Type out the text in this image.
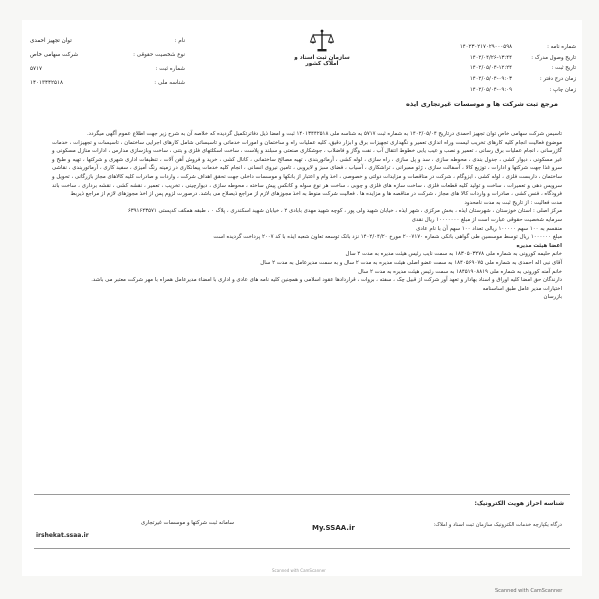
نام :
توان تجهیز احمدی
نوع شخصیت حقوقی :
شرکت سهامی خاص
شماره ثبت :
۵۷۱۷
شناسه ملی :
۱۴۰۱۳۴۴۲۵۱۸
سازمان ثبت اسناد و املاک کشور
شماره نامه :
۱۴۰۲۳۰۲۱۷۰۲۹۰۰۰۵۹۸
تاریخ وصول مدرک :
۱۴۰۲/۰۴/۲۶-۱۳:۴۴
تاریخ ثبت :
۱۴۰۲/۰۵/۰۴-۱۲:۲۴
زمان درج دفتر :
۱۴۰۲/۰۵/۰۴-۰۹:۰۳
زمان چاپ :
۱۴۰۲/۰۵/۰۴-۰۹:۰۹
مرجع ثبت شرکت ها و موسسات غیرتجاری ایذه

تاسیس شرکت سهامی خاص توان تجهیز احمدی درتاریخ ۱۴۰۲/۰۵/۰۴ به شماره ثبت ۵۷۱۷ به شناسه ملی ۱۴۰۱۳۴۴۲۵۱۸ ثبت و امضا ذیل دفاترتکمیل گردیده که خلاصه آن به شرح زیر جهت اطلاع عموم آگهی میگردد.

موضوع فعالیت انجام کلیه کارهای تخریب لیست وراه اندازی تعمیر و نگهداری تجهیزات برق و ابزار دقیق، کلیه عملیات راه و ساختمان و امورات خدماتی و تاسیساتی شامل کارهای اجرایی ساختمان ، تاسیسات و تجهیزات ، خدمات گازرسانی ، انجام عملیات برق رسانی ، تعمیر و نصب و عیب یابی خطوط انتقال آب ، نفت وگاز و فاضلاب ، جوشکاری صنعتی و سبلند و پلاست ، ساخت اسکلتهای فلزی و بتنی ، ساخت وبازسازی مدارس ، ادارات منازل مسکونی و غیر مسکونی ، دیوار کشی ، جدول بندی ، محوطه سازی ، سد و پل سازی ، راه سازی ، لوله کشی ، آرماتوربندی ، تهیه مصالح ساختمانی ، کانال کشی ، خرید و فروش آهن آلات ، تنظیفات اداری شهری و شرکتها ، تهیه و طبخ و سرو غذا جهت شرکتها و ادارات ، توزیع کالا ، آسفالت سازی ، ژئو ممبرانی ، تراشکاری ، آسیاب ، فضای سبز و لایروبی ، تامین نیروی انسانی ، انجام کلیه خدمات پیمانکاری در زمینه رنگ آمیزی ، سفید کاری ، آرماتوربندی ، نقاشی ساختمان ، داربست فلزی ، لوله کشی ، ایزوگام ، شرکت در مناقصات و مزایدات دولتی و خصوصی ، اخذ وام و اعتبار از بانکها و موسسات داخلی جهت تحقق اهداف شرکت ، واردات و صادرات کلیه کالاهای مجاز بازرگانی ، تحویل و سرویس دهی و تعمیرات ، ساخت و تولید کلیه قطعات فلزی ، ساخت سازه های فلزی و چوبی ، ساخت هر نوع سوله و کانکس پیش ساخته ، محوطه سازی ، دیوارچینی ، تخریب ، تعمیر ، نقشه کشی ، نقشه برداری ، ساخت باند فرودگاه ، فنس کشی ، صادرات و واردات کالا های مجاز ، شرکت در مناقصه ها و مزایده ها . فعالیت شرکت منوط به اخذ مجوزهای لازم از مراجع ذیصلاح می باشد. درصورت لزوم پس از اخذ مجوزهای لازم از مراجع ذیربط

مدت فعالیت : از تاریخ ثبت به مدت نامحدود

مرکز اصلی : استان خوزستان ، شهرستان ایذه ، بخش مرکزی ، شهر ایذه ، خیابان شهید ولی پور ، کوچه شهید مهدی بابادی ۲ ، خیابان شهید اسکندری ، پلاک ۰ ، طبقه همکف کدپستی ۶۳۹۱۶۴۳۵۷۱

سرمایه شخصیت حقوقی عبارت است از مبلغ ۱۰۰۰۰۰۰۰ ریال نقدی

منقسم به ۱۰۰ سهم ۱۰۰۰۰۰ ریالی تعداد ۱۰۰ سهم آن با نام عادی

مبلغ ۱۰۰۰۰۰۰ ریال توسط موسسین طی گواهی بانکی شماره ۲۰۰۷۱۷۰ مورخ ۱۴۰۲/۰۴/۲۰ نزد بانک توسعه تعاون شعبه ایذه با کد ۲۰۰۷ پرداخت گردیده است

اعضا هیئت مدیره

خانم حلیمه کورونی به شماره ملی ۱۸۳۰۵۰۳۲۷۸ به سمت نایب رئیس هیئت مدیره به مدت ۲ سال

آقای نبی اله احمدی به شماره ملی ۱۸۴۰۵۶۹۰۷۵ به سمت عضو اصلی هیئت مدیره به مدت ۲ سال و به سمت مدیرعامل به مدت ۲ سال

خانم آمنه کورونی به شماره ملی ۱۸۴۵۱۹۰۸۸۱۹ به سمت رئیس هیئت مدیره به مدت ۲ سال

دارندگان حق امضا کلیه اوراق و اسناد بهادار و تعهد آور شرکت از قبیل چک ، سفته ، بروات ، قراردادها عقود اسلامی و همچنین کلیه نامه های عادی و اداری با امضاء مدیرعامل همراه با مهر شرکت معتبر می باشد.

اختیارات مدیر عامل طبق اساسنامه

بازرسان

شناسه احراز هویت الکترونیک:
درگاه یکپارچه خدمات الکترونیک سازمان ثبت اسناد و املاک:
My.SSAA.ir
سامانه ثبت شرکتها و موسسات غیرتجاری
irshekat.ssaa.ir
Scanned with CamScanner
Scanned with CamScanner
